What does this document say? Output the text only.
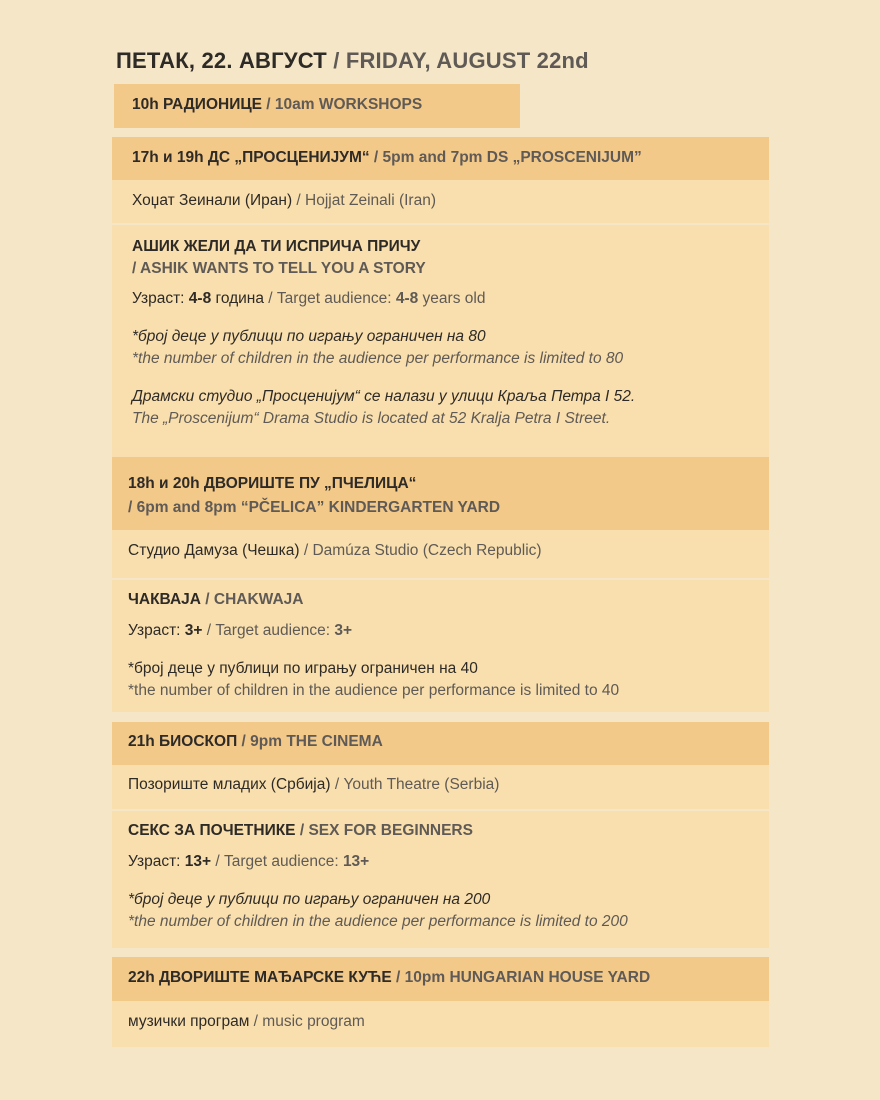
ПЕТАК, 22. АВГУСТ / FRIDAY, AUGUST 22nd
10h РАДИОНИЦЕ / 10am WORKSHOPS
17h и 19h ДС „ПРОСЦЕНИЈУМ“ / 5pm and 7pm DS „PROSCENIJUM”
Хоџат Зеинали (Иран) / Hojjat Zeinali (Iran)
АШИК ЖЕЛИ ДА ТИ ИСПРИЧА ПРИЧУ
/ ASHIK WANTS TO TELL YOU A STORY
Узраст: 4-8 година / Target audience: 4-8 years old
*број деце у публици по игрању ограничен на 80
*the number of children in the audience per performance is limited to 80
Драмски студио „Просценијум“ се налази у улици Краља Петра I 52.
The „Proscenijum“ Drama Studio is located at 52 Kralja Petra I Street.
18h и 20h ДВОРИШТЕ ПУ „ПЧЕЛИЦА“
/ 6pm and 8pm “PČELICA” KINDERGARTEN YARD
Студио Дамуза (Чешка) / Damúza Studio (Czech Republic)
ЧАКВАЈА / CHAKWAJA
Узраст: 3+ / Target audience: 3+
*број деце у публици по игрању ограничен на 40
*the number of children in the audience per performance is limited to 40
21h БИОСКОП / 9pm THE CINEMA
Позориште младих (Србија) / Youth Theatre (Serbia)
СЕКС ЗА ПОЧЕТНИКЕ / SEX FOR BEGINNERS
Узраст: 13+ / Target audience: 13+
*број деце у публици по игрању ограничен на 200
*the number of children in the audience per performance is limited to 200
22h ДВОРИШТЕ МАЂАРСКЕ КУЋЕ / 10pm HUNGARIAN HOUSE YARD
музички програм / music program
